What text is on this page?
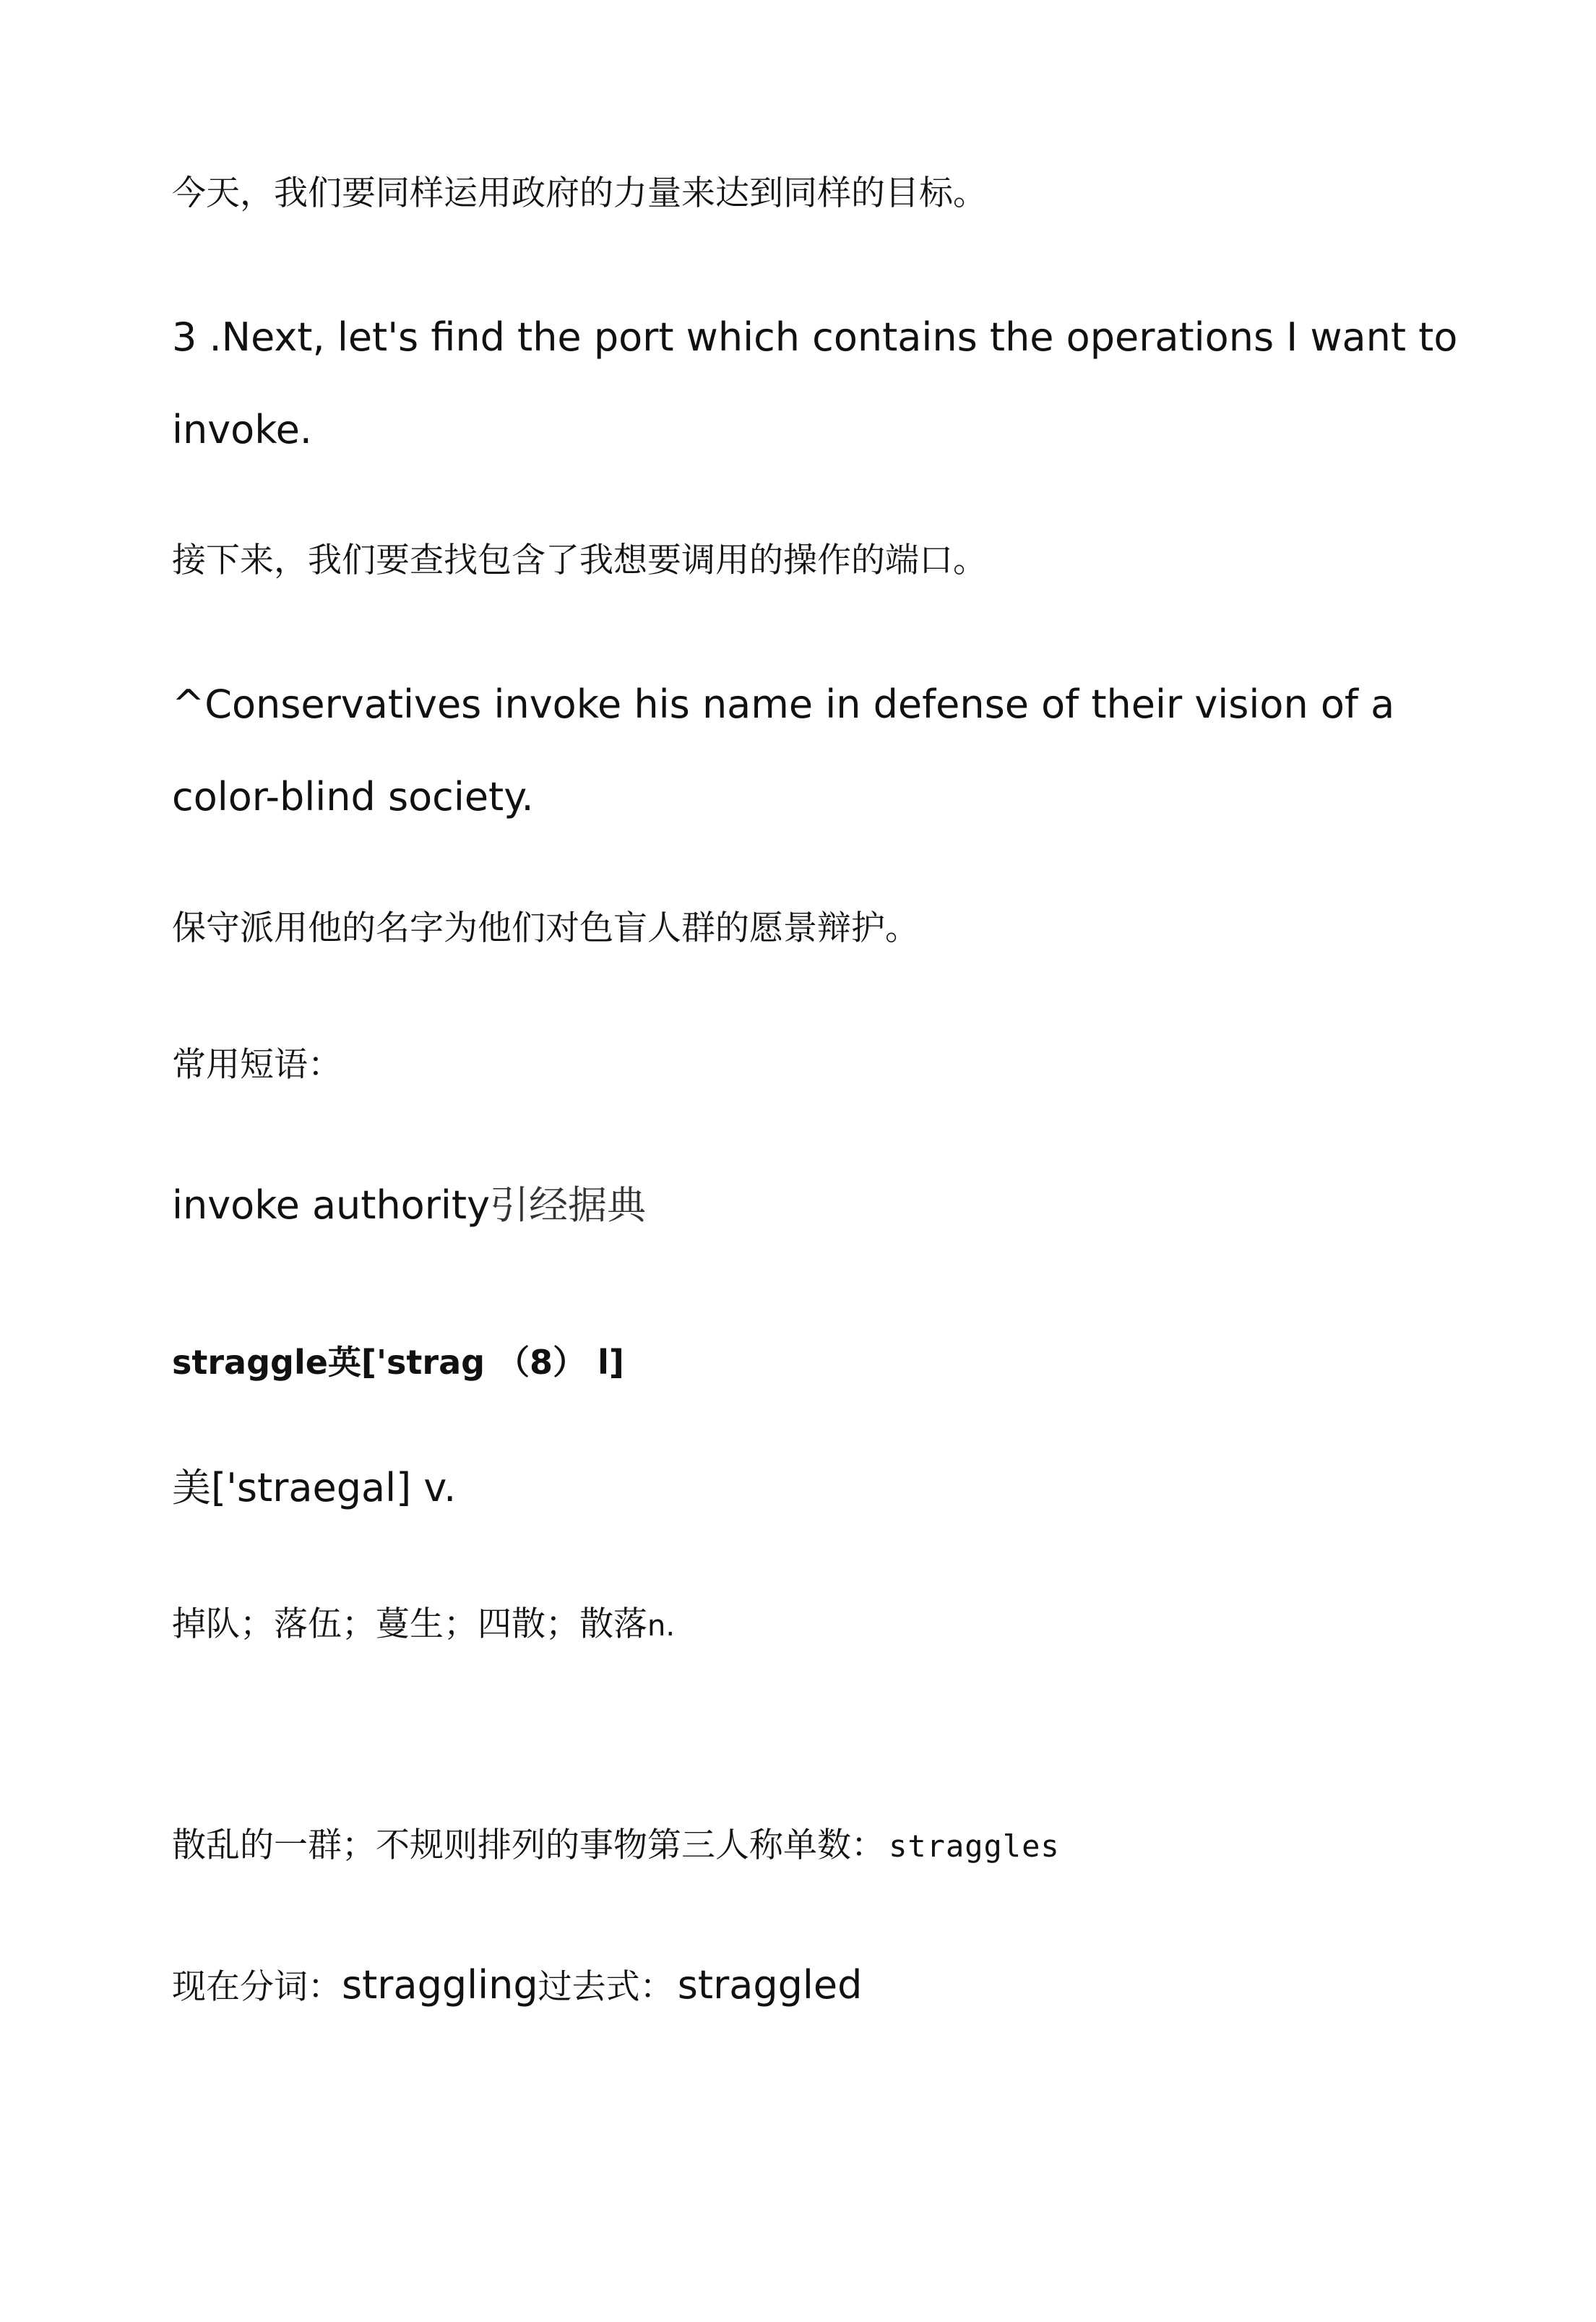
今天，我们要同样运用政府的力量来达到同样的目标。
3 .Next, let's find the port which contains the operations I want to
invoke.
接下来，我们要查找包含了我想要调用的操作的端口。
^Conservatives invoke his name in defense of their vision of a
color-blind society.
保守派用他的名字为他们对色盲人群的愿景辩护。
常用短语：
invoke authority引经据典
straggle英['strag （8） l]
美['straegal] v.
掉队；落伍；蔓生；四散；散落n.
散乱的一群；不规则排列的事物第三人称单数： straggles
现在分词：straggling过去式： straggled
